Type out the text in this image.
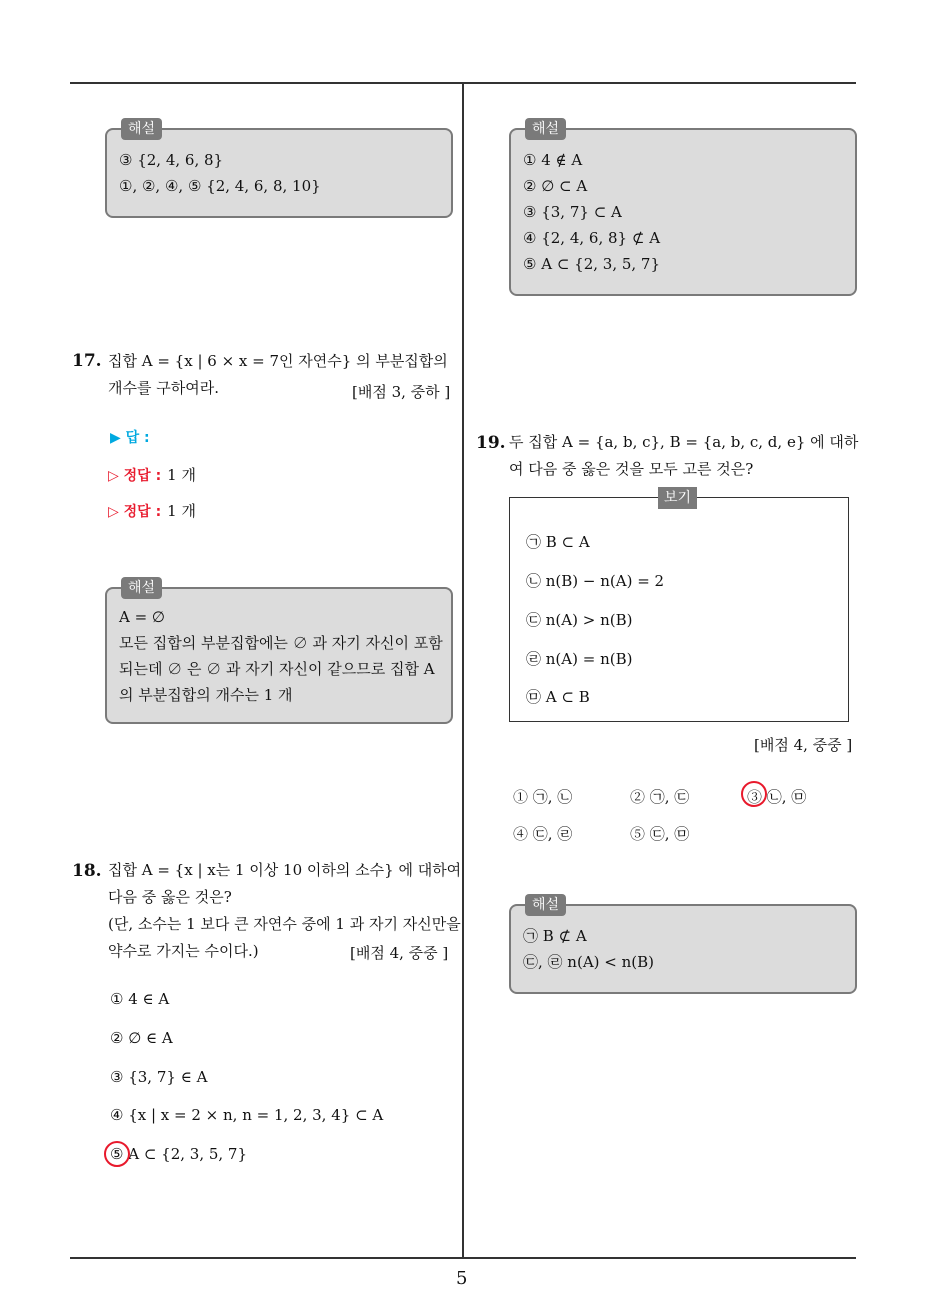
해설
③ {2, 4, 6, 8}
①, ②, ④, ⑤ {2, 4, 6, 8, 10}
17. 집합 A = {x | 6 × x = 7인 자연수} 의 부분집합의
개수를 구하여라.	[배점 3, 중하 ]
▶ 답 :
▷ 정답 : 1 개
▷ 정답 : 1 개
해설
A = ∅
모든 집합의 부분집합에는 ∅ 과 자기 자신이 포함
되는데 ∅ 은 ∅ 과 자기 자신이 같으므로 집합 A
의 부분집합의 개수는 1 개
18. 집합 A = {x | x는 1 이상 10 이하의 소수} 에 대하여
다음 중 옳은 것은?
(단, 소수는 1 보다 큰 자연수 중에 1 과 자기 자신만을
약수로 가지는 수이다.)	[배점 4, 중중 ]
① 4 ∈ A
② ∅ ∈ A
③ {3, 7} ∈ A
④ {x | x = 2 × n, n = 1, 2, 3, 4} ⊂ A
⑤ A ⊂ {2, 3, 5, 7}
해설
① 4 ∉ A
② ∅ ⊂ A
③ {3, 7} ⊂ A
④ {2, 4, 6, 8} ⊄ A
⑤ A ⊂ {2, 3, 5, 7}
19. 두 집합 A = {a, b, c}, B = {a, b, c, d, e} 에 대하
여 다음 중 옳은 것을 모두 고른 것은?
보기
㉠ B ⊂ A
㉡ n(B) − n(A) = 2
㉢ n(A) > n(B)
㉣ n(A) = n(B)
㉤ A ⊂ B
[배점 4, 중중 ]
① ㉠, ㉡	② ㉠, ㉢	③ ㉡, ㉤
④ ㉢, ㉣	⑤ ㉢, ㉤
해설
㉠ B ⊄ A
㉢, ㉣ n(A) < n(B)
5
